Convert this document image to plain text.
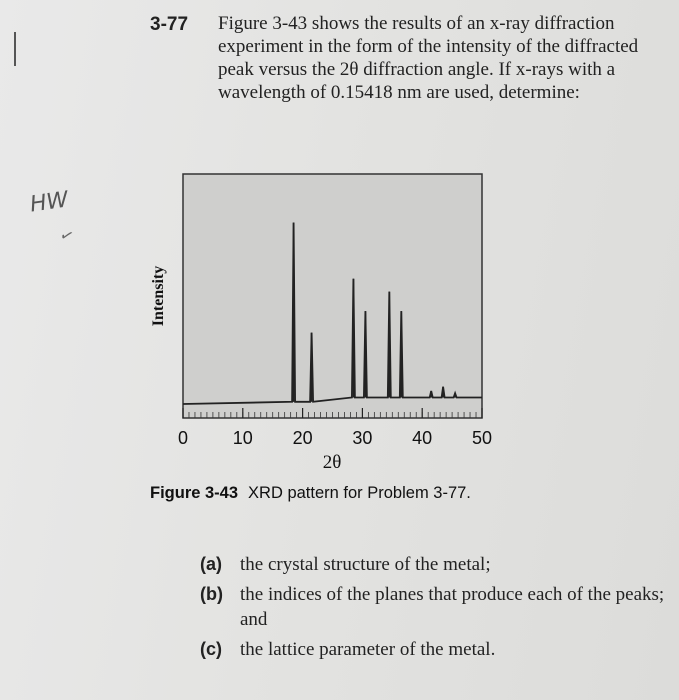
3-77 Figure 3-43 shows the results of an x-ray diffraction experiment in the form of the intensity of the diffracted peak versus the 2θ diffraction angle. If x-rays with a wavelength of 0.15418 nm are used, determine:

HW
✓
0 10 20 30 40 50
2θ
Intensity
Figure 3-43 XRD pattern for Problem 3-77.
(a) the crystal structure of the metal;
(b) the indices of the planes that produce each of the peaks; and
(c) the lattice parameter of the metal.
